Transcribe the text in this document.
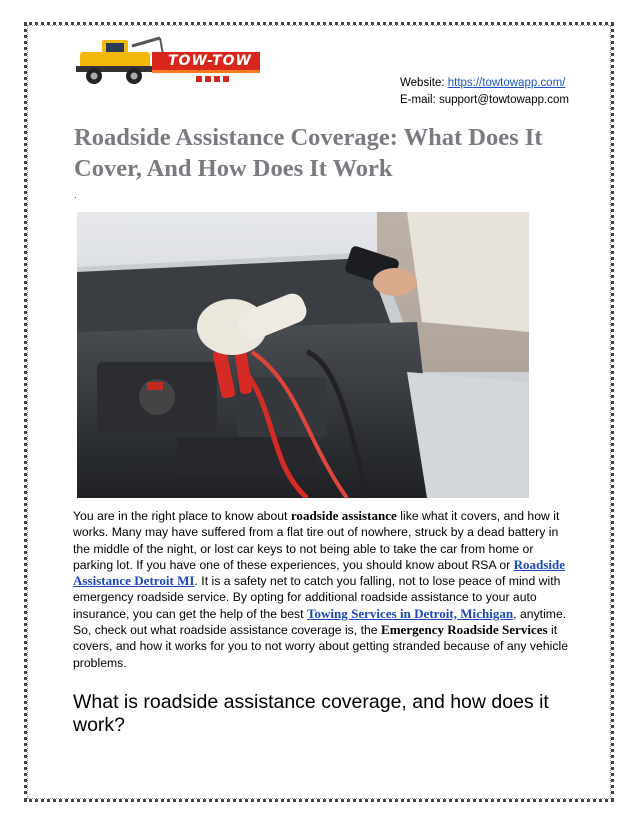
TOW-TOW
Website: https://towtowapp.com/
E-mail: support@towtowapp.com
Roadside Assistance Coverage: What Does It Cover, And How Does It Work
.

You are in the right place to know about roadside assistance like what it covers, and how it works. Many may have suffered from a flat tire out of nowhere, struck by a dead battery in the middle of the night, or lost car keys to not being able to take the car from home or parking lot. If you have one of these experiences, you should know about RSA or Roadside Assistance Detroit MI. It is a safety net to catch you falling, not to lose peace of mind with emergency roadside service. By opting for additional roadside assistance to your auto insurance, you can get the help of the best Towing Services in Detroit, Michigan, anytime.
So, check out what roadside assistance coverage is, the Emergency Roadside Services it covers, and how it works for you to not worry about getting stranded because of any vehicle problems.

What is roadside assistance coverage, and how does it work?
